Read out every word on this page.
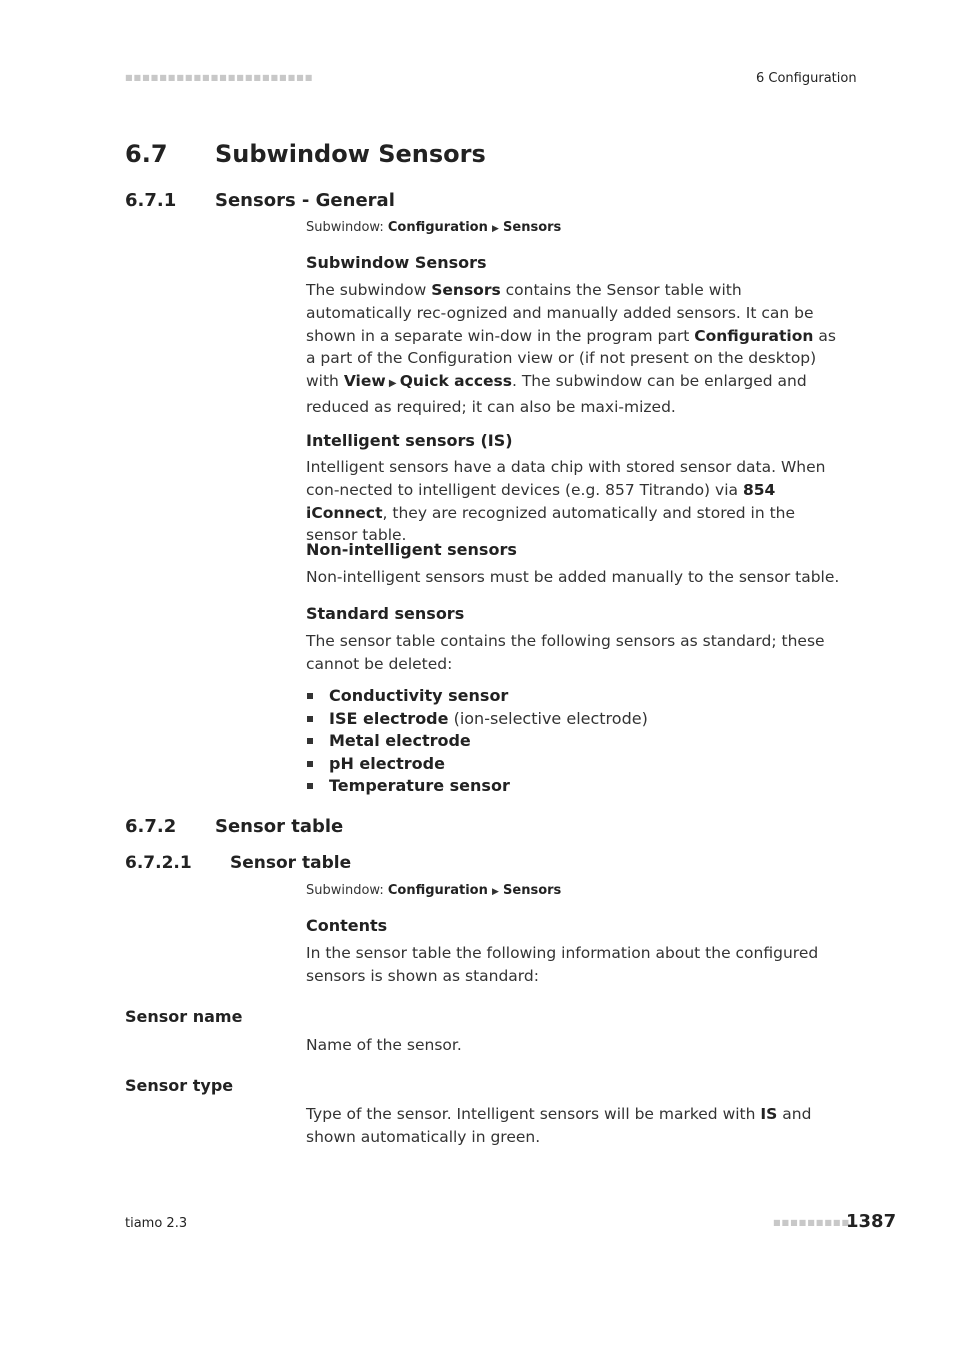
■■■■■■■■■■■■■■■■■■■■■■	6 Configuration
6.7 Subwindow Sensors
6.7.1 Sensors - General
Subwindow: Configuration ▶ Sensors
Subwindow Sensors
The subwindow Sensors contains the Sensor table with automatically rec-ognized and manually added sensors. It can be shown in a separate win-dow in the program part Configuration as a part of the Configuration view or (if not present on the desktop) with View ▶ Quick access. The subwindow can be enlarged and reduced as required; it can also be maxi-mized.
Intelligent sensors (IS)
Intelligent sensors have a data chip with stored sensor data. When con-nected to intelligent devices (e.g. 857 Titrando) via 854 iConnect, they are recognized automatically and stored in the sensor table.
Non-intelligent sensors
Non-intelligent sensors must be added manually to the sensor table.
Standard sensors
The sensor table contains the following sensors as standard; these cannot be deleted:
Conductivity sensor
ISE electrode (ion-selective electrode)
Metal electrode
pH electrode
Temperature sensor
6.7.2 Sensor table
6.7.2.1 Sensor table
Subwindow: Configuration ▶ Sensors
Contents
In the sensor table the following information about the configured sensors is shown as standard:
Sensor name
Name of the sensor.
Sensor type
Type of the sensor. Intelligent sensors will be marked with IS and shown automatically in green.
tiamo 2.3	■■■■■■■■■
1387
